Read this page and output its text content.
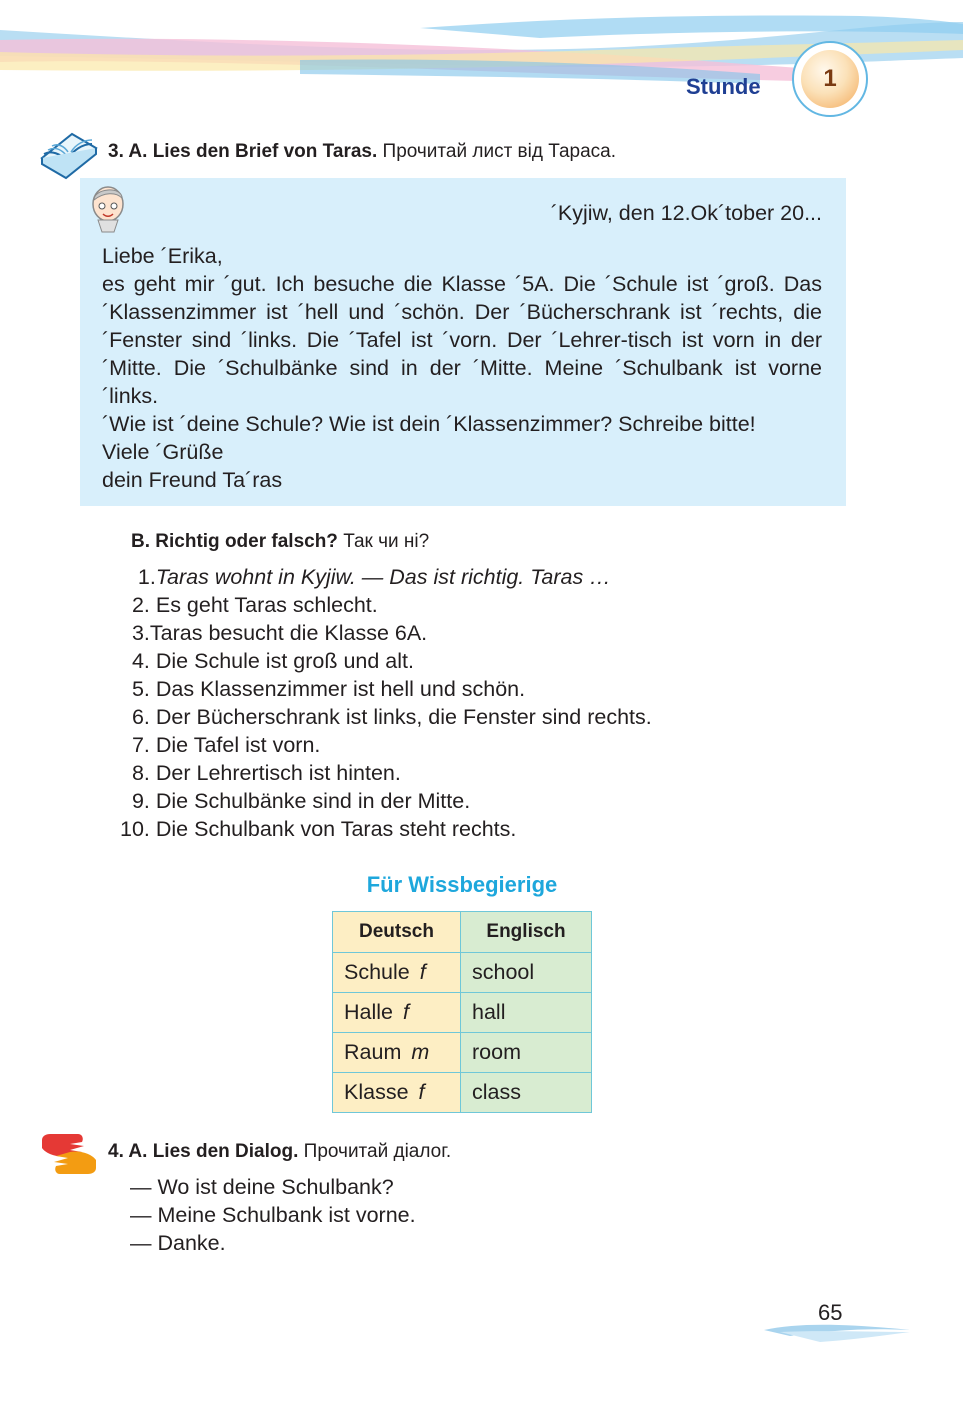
Stunde	1
3. A. Lies den Brief von Taras. Прочитай лист від Тараса.
´Kyjiw, den 12.Ok´tober 20...

Liebe ´Erika,

es geht mir ´gut. Ich besuche die Klasse ´5A. Die ´Schule ist ´groß. Das ´Klassenzimmer ist ´hell und ´schön. Der ´Bücherschrank ist ´rechts, die ´Fenster sind ´links. Die ´Tafel ist ´vorn. Der ´Lehrer-tisch ist vorn in der ´Mitte. Die ´Schulbänke sind in der ´Mitte. Meine ´Schulbank ist vorne ´links.

´Wie ist ´deine Schule? Wie ist dein ´Klassenzimmer? Schreibe bitte!

Viele ´Grüße

dein Freund Ta´ras

B. Richtig oder falsch? Так чи ні?
1.Taras wohnt in Kyjiw. — Das ist richtig. Taras …
2. Es geht Taras schlecht.
3.Taras besucht die Klasse 6A.
4. Die Schule ist groß und alt.
5. Das Klassenzimmer ist hell und schön.
6. Der Bücherschrank ist links, die Fenster sind rechts.
7. Die Tafel ist vorn.
8. Der Lehrertisch ist hinten.
9. Die Schulbänke sind in der Mitte.
10. Die Schulbank von Taras steht rechts.
Für Wissbegierige
Deutsch	Englisch
Schule f	school
Halle f	hall
Raum m	room
Klasse f	class
4. A. Lies den Dialog. Прочитай діалог.
— Wo ist deine Schulbank?
— Meine Schulbank ist vorne.
— Danke.
65
